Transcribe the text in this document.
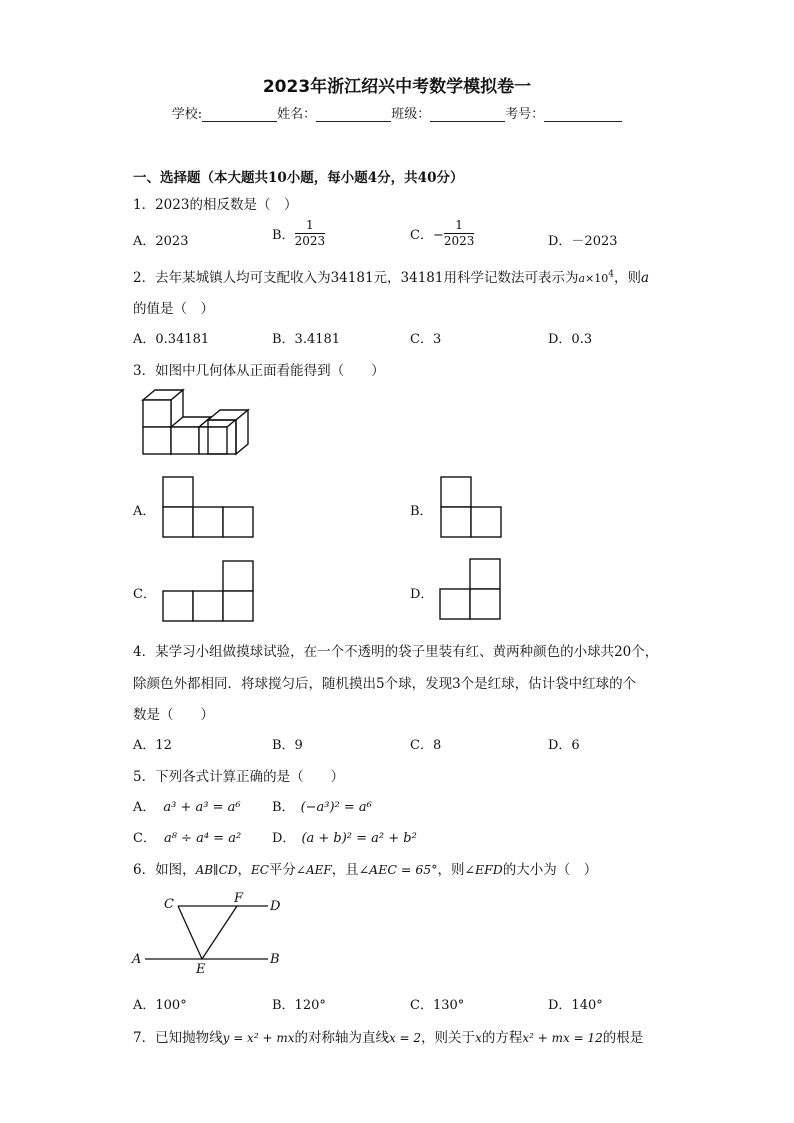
2023年浙江绍兴中考数学模拟卷一
学校:	姓名：	班级：	考号：
一、选择题（本大题共10小题，每小题4分，共40分）
1．2023的相反数是（　）
A．2023	B． $\frac{1}{2023}$	C．− $\frac{1}{2023}$	D．－2023
2．去年某城镇人均可支配收入为34181元，34181用科学记数法可表示为$a\times 10^4$，则a
的值是（　）
A．0.34181	B．3.4181	C．3	D．0.3
3．如图中几何体从正面看能得到（　　）
A．	B．
C．	D．
4．某学习小组做摸球试验，在一个不透明的袋子里装有红、黄两种颜色的小球共20个，
除颜色外都相同．将球搅匀后，随机摸出5个球，发现3个是红球，估计袋中红球的个
数是（　　）
A．12	B．9	C．8	D．6
5．下列各式计算正确的是（　　）
A． a³ + a³ = a⁶ B． (−a³)² = a⁶
C． a⁸ ÷ a⁴ = a² D． (a + b)² = a² + b²
6．如图，AB∥CD，EC平分∠AEF，且∠AEC = 65°，则∠EFD的大小为（　）
C	F
D
A
E
B
A．100°	B．120°	C．130°	D．140°
7．已知抛物线y = x² + mx的对称轴为直线x = 2，则关于x的方程x² + mx = 12的根是
